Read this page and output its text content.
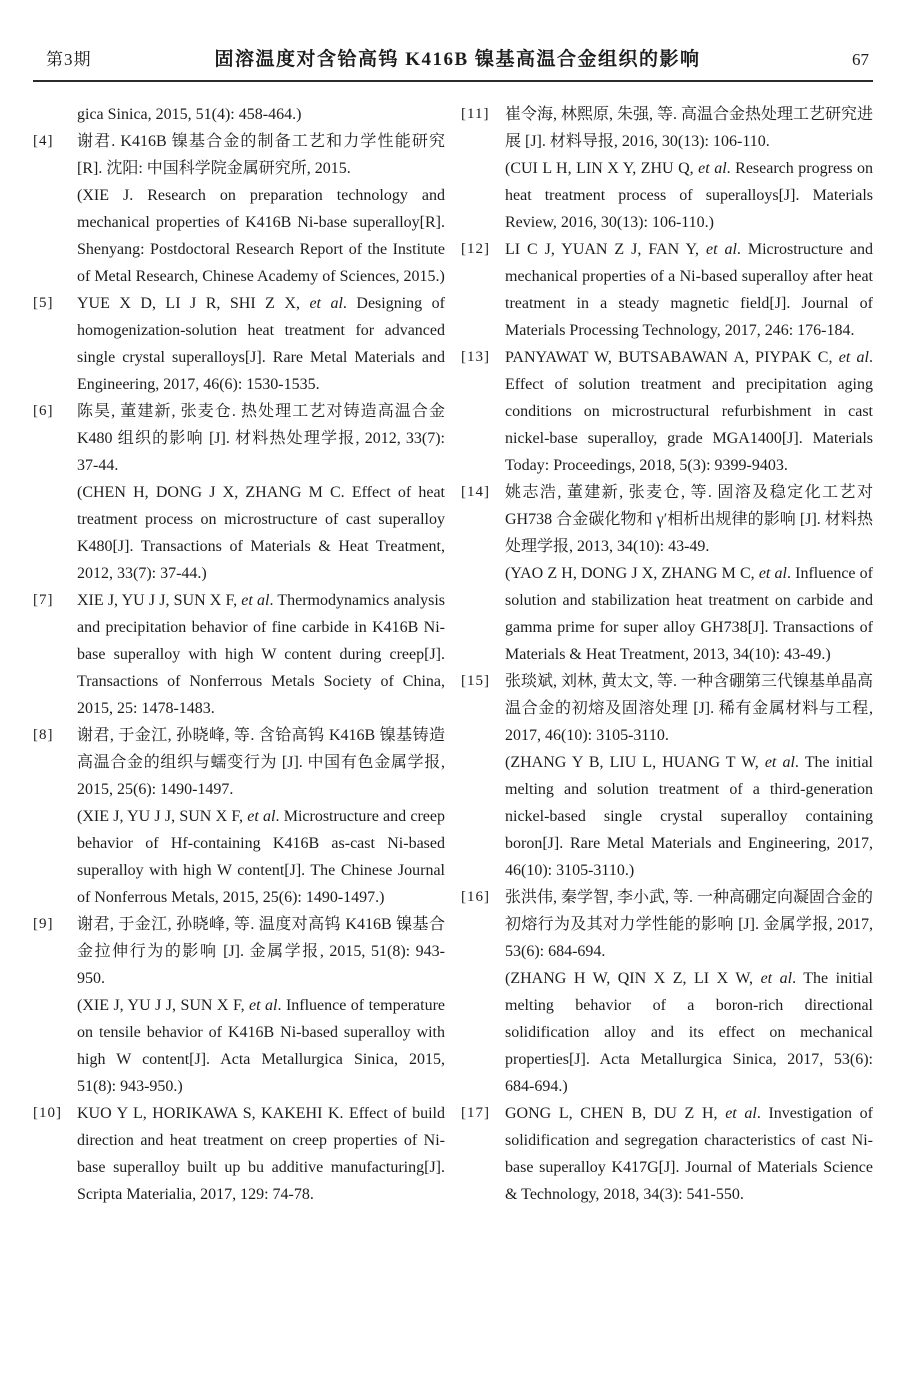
第3期	固溶温度对含铪高钨 K416B 镍基高温合金组织的影响	67

gica Sinica, 2015, 51(4): 458-464.)

[4]	谢君. K416B 镍基合金的制备工艺和力学性能研究 [R]. 沈阳: 中国科学院金属研究所, 2015.

(XIE J. Research on preparation technology and mechanical properties of K416B Ni-base superalloy[R]. Shenyang: Postdoctoral Research Report of the Institute of Metal Research, Chinese Academy of Sciences, 2015.)

[5]	YUE X D, LI J R, SHI Z X, et al. Designing of homogenization-solution heat treatment for advanced single crystal superalloys[J]. Rare Metal Materials and Engineering, 2017, 46(6): 1530-1535.

[6]	陈昊, 董建新, 张麦仓. 热处理工艺对铸造高温合金 K480 组织的影响 [J]. 材料热处理学报, 2012, 33(7): 37-44.

(CHEN H, DONG J X, ZHANG M C. Effect of heat treatment process on microstructure of cast superalloy K480[J]. Transactions of Materials & Heat Treatment, 2012, 33(7): 37-44.)

[7]	XIE J, YU J J, SUN X F, et al. Thermodynamics analysis and precipitation behavior of fine carbide in K416B Ni-base superalloy with high W content during creep[J]. Transactions of Nonferrous Metals Society of China, 2015, 25: 1478-1483.

[8]	谢君, 于金江, 孙晓峰, 等. 含铪高钨 K416B 镍基铸造高温合金的组织与蠕变行为 [J]. 中国有色金属学报, 2015, 25(6): 1490-1497.

(XIE J, YU J J, SUN X F, et al. Microstructure and creep behavior of Hf-containing K416B as-cast Ni-based superalloy with high W content[J]. The Chinese Journal of Nonferrous Metals, 2015, 25(6): 1490-1497.)

[9]	谢君, 于金江, 孙晓峰, 等. 温度对高钨 K416B 镍基合金拉伸行为的影响 [J]. 金属学报, 2015, 51(8): 943-950.

(XIE J, YU J J, SUN X F, et al. Influence of temperature on tensile behavior of K416B Ni-based superalloy with high W content[J]. Acta Metallurgica Sinica, 2015, 51(8): 943-950.)

[10] KUO Y L, HORIKAWA S, KAKEHI K. Effect of build direction and heat treatment on creep properties of Ni-base superalloy built up bu additive manufacturing[J]. Scripta Materialia, 2017, 129: 74-78.

[11] 崔令海, 林熙原, 朱强, 等. 高温合金热处理工艺研究进展 [J]. 材料导报, 2016, 30(13): 106-110.

(CUI L H, LIN X Y, ZHU Q, et al. Research progress on heat treatment process of superalloys[J]. Materials Review, 2016, 30(13): 106-110.)

[12] LI C J, YUAN Z J, FAN Y, et al. Microstructure and mechanical properties of a Ni-based superalloy after heat treatment in a steady magnetic field[J]. Journal of Materials Processing Technology, 2017, 246: 176-184.

[13] PANYAWAT W, BUTSABAWAN A, PIYPAK C, et al. Effect of solution treatment and precipitation aging conditions on microstructural refurbishment in cast nickel-base superalloy, grade MGA1400[J]. Materials Today: Proceedings, 2018, 5(3): 9399-9403.

[14] 姚志浩, 董建新, 张麦仓, 等. 固溶及稳定化工艺对 GH738 合金碳化物和 γ′相析出规律的影响 [J]. 材料热处理学报, 2013, 34(10): 43-49.

(YAO Z H, DONG J X, ZHANG M C, et al. Influence of solution and stabilization heat treatment on carbide and gamma prime for super alloy GH738[J]. Transactions of Materials & Heat Treatment, 2013, 34(10): 43-49.)

[15] 张琰斌, 刘林, 黄太文, 等. 一种含硼第三代镍基单晶高温合金的初熔及固溶处理 [J]. 稀有金属材料与工程, 2017, 46(10): 3105-3110.

(ZHANG Y B, LIU L, HUANG T W, et al. The initial melting and solution treatment of a third-generation nickel-based single crystal superalloy containing boron[J]. Rare Metal Materials and Engineering, 2017, 46(10): 3105-3110.)

[16] 张洪伟, 秦学智, 李小武, 等. 一种高硼定向凝固合金的初熔行为及其对力学性能的影响 [J]. 金属学报, 2017, 53(6): 684-694.

(ZHANG H W, QIN X Z, LI X W, et al. The initial melting behavior of a boron-rich directional solidification alloy and its effect on mechanical properties[J]. Acta Metallurgica Sinica, 2017, 53(6): 684-694.)

[17] GONG L, CHEN B, DU Z H, et al. Investigation of solidification and segregation characteristics of cast Ni-base superalloy K417G[J]. Journal of Materials Science & Technology, 2018, 34(3): 541-550.
